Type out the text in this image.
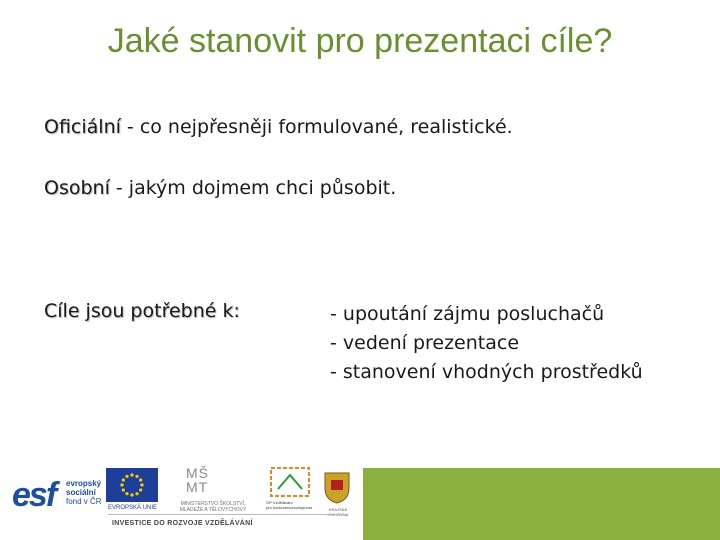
Jaké stanovit pro prezentaci cíle?
Oficiální - co nejpřesněji formulované, realistické.
Osobní - jakým dojmem chci působit.
Cíle jsou potřebné k:	- upoutání zájmu posluchačů
- vedení prezentace
- stanovení vhodných prostředků
esf evropský
sociální
fond v ČR
EVROPSKÁ UNIE
MŠ
MT
MINISTERSTVO ŠKOLSTVÍ,
MLÁDEŽE A TĚLOVÝCHOVY
OP Vzdělávání
pro konkurenceschopnost	KRAJSKÁ
INVESTICE DO ROZVOJE VZDĚLÁVÁNÍ
